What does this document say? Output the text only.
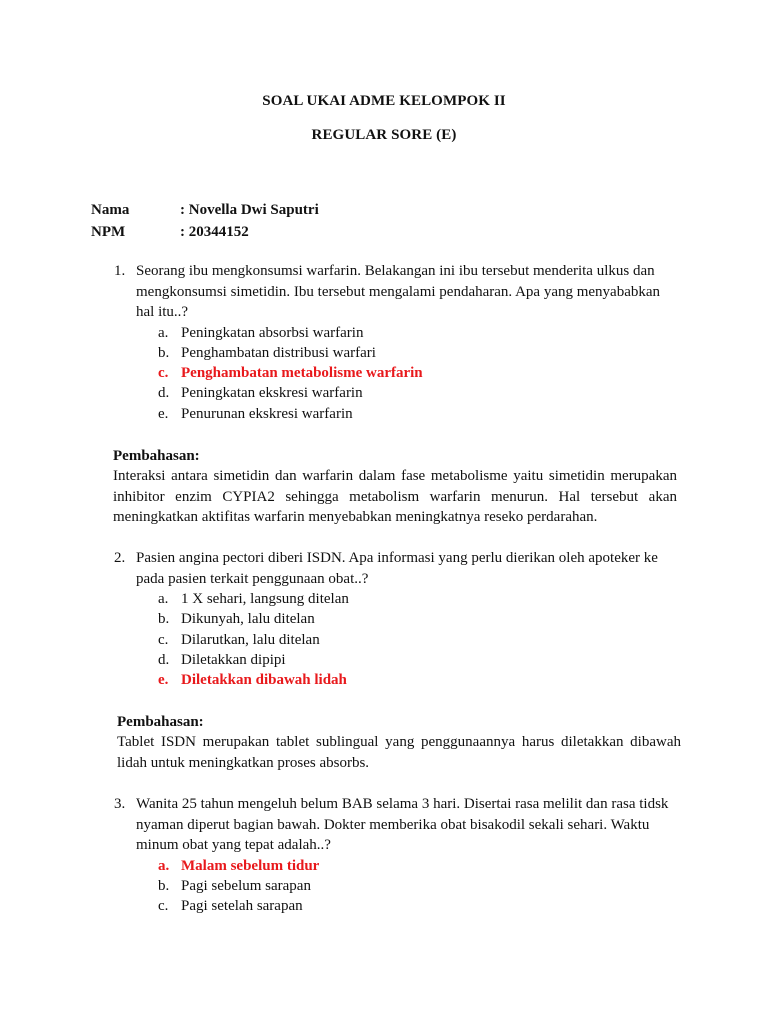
SOAL UKAI ADME KELOMPOK II
REGULAR SORE (E)
Nama	: Novella Dwi Saputri
NPM	: 20344152
1. Seorang ibu mengkonsumsi warfarin. Belakangan ini ibu tersebut menderita ulkus dan mengkonsumsi simetidin. Ibu tersebut mengalami pendaharan. Apa yang menyababkan hal itu..?
a. Peningkatan absorbsi warfarin
b. Penghambatan distribusi warfari
c. Penghambatan metabolisme warfarin
d. Peningkatan ekskresi warfarin
e. Penurunan ekskresi warfarin
Pembahasan:
Interaksi antara simetidin dan warfarin dalam fase metabolisme yaitu simetidin merupakan inhibitor enzim CYPIA2 sehingga metabolism warfarin menurun. Hal tersebut akan meningkatkan aktifitas warfarin menyebabkan meningkatnya reseko perdarahan.
2. Pasien angina pectori diberi ISDN. Apa informasi yang perlu dierikan oleh apoteker ke pada pasien terkait penggunaan obat..?
a. 1 X sehari, langsung ditelan
b. Dikunyah, lalu ditelan
c. Dilarutkan, lalu ditelan
d. Diletakkan dipipi
e. Diletakkan dibawah lidah
Pembahasan:
Tablet ISDN merupakan tablet sublingual yang penggunaannya harus diletakkan dibawah lidah untuk meningkatkan proses absorbs.
3. Wanita 25 tahun mengeluh belum BAB selama 3 hari. Disertai rasa melilit dan rasa tidsk nyaman diperut bagian bawah. Dokter memberika obat bisakodil sekali sehari. Waktu minum obat yang tepat adalah..?
a. Malam sebelum tidur
b. Pagi sebelum sarapan
c. Pagi setelah sarapan
